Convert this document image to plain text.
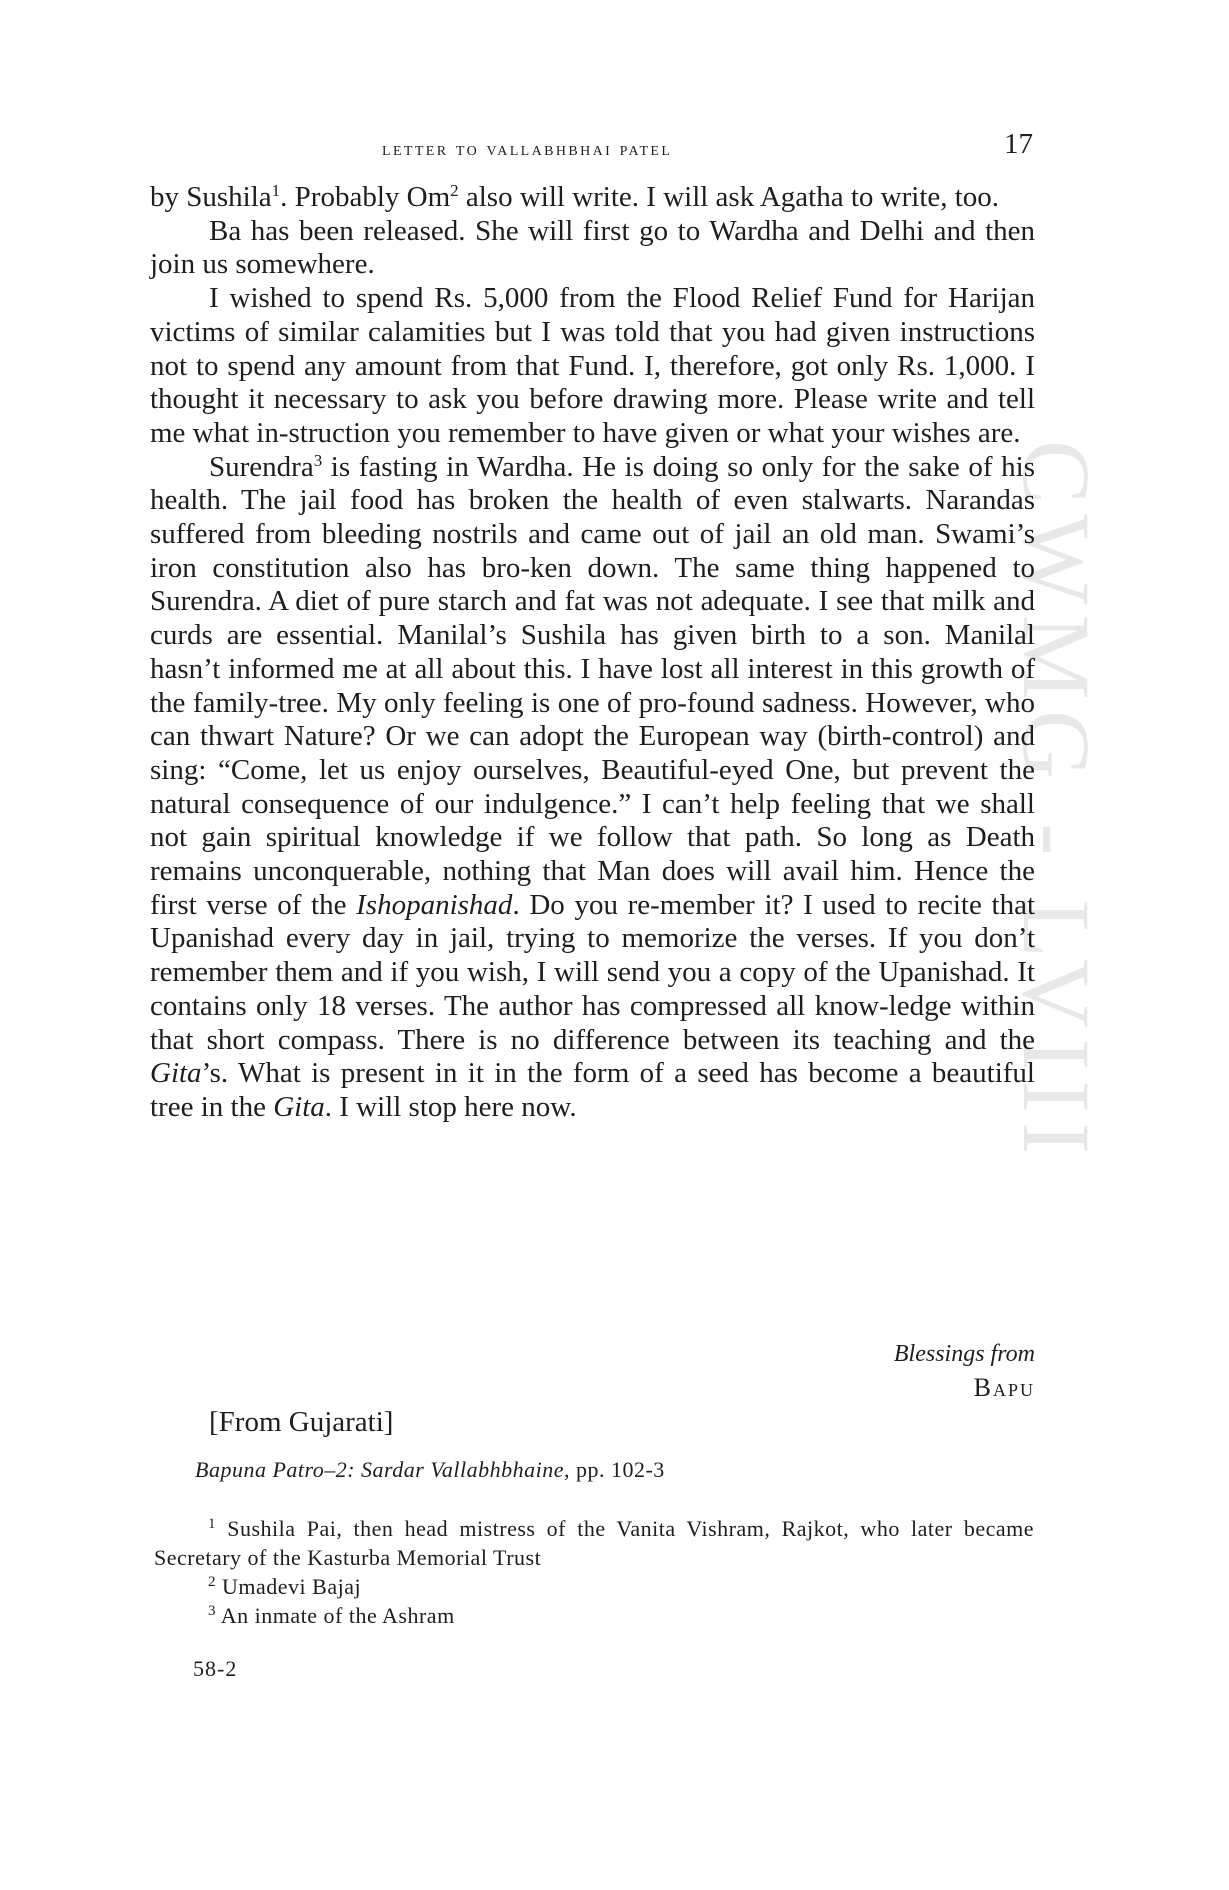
CWMG - LVIII
letter to vallabhbhai patel	17

by Sushila$^1$. Probably Om$^2$ also will write. I will ask Agatha to write, too.

Ba has been released. She will first go to Wardha and Delhi and then join us somewhere.

I wished to spend Rs. 5,000 from the Flood Relief Fund for Harijan victims of similar calamities but I was told that you had given instructions not to spend any amount from that Fund. I, therefore, got only Rs. 1,000. I thought it necessary to ask you before drawing more. Please write and tell me what in-struction you remember to have given or what your wishes are.

Surendra$^3$ is fasting in Wardha. He is doing so only for the sake of his health. The jail food has broken the health of even stalwarts. Narandas suffered from bleeding nostrils and came out of jail an old man. Swami’s iron constitution also has bro-ken down. The same thing happened to Surendra. A diet of pure starch and fat was not adequate. I see that milk and curds are essential. Manilal’s Sushila has given birth to a son. Manilal hasn’t informed me at all about this. I have lost all interest in this growth of the family-tree. My only feeling is one of pro-found sadness. However, who can thwart Nature? Or we can adopt the European way (birth-control) and sing: “Come, let us enjoy ourselves, Beautiful-eyed One, but prevent the natural consequence of our indulgence.” I can’t help feeling that we shall not gain spiritual knowledge if we follow that path. So long as Death remains unconquerable, nothing that Man does will avail him. Hence the first verse of the Ishopanishad. Do you re-member it? I used to recite that Upanishad every day in jail, trying to memorize the verses. If you don’t remember them and if you wish, I will send you a copy of the Upanishad. It contains only 18 verses. The author has compressed all know-ledge within that short compass. There is no difference between its teaching and the Gita’s. What is present in it in the form of a seed has become a beautiful tree in the Gita. I will stop here now.

Blessings from
Bapu
[From Gujarati]
Bapuna Patro–2: Sardar Vallabhbhaine, pp. 102-3

$^1$ Sushila Pai, then head mistress of the Vanita Vishram, Rajkot, who later became Secretary of the Kasturba Memorial Trust

$^2$ Umadevi Bajaj

$^3$ An inmate of the Ashram

58-2
